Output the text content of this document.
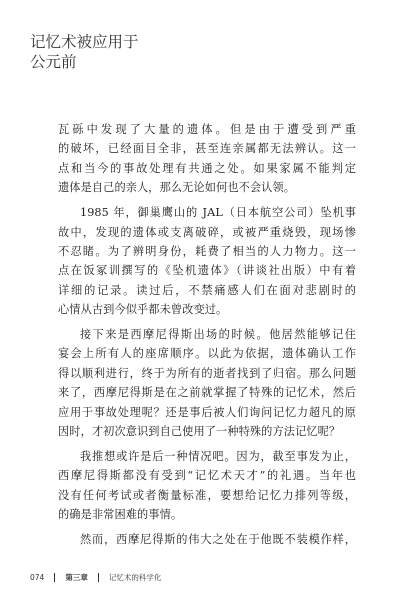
记忆术被应用于
公元前

瓦砾中发现了大量的遗体。但是由于遭受到严重
的破坏，已经面目全非，甚至连亲属都无法辨认。这一
点和当今的事故处理有共通之处。如果家属不能判定
遗体是自己的亲人，那么无论如何也不会认领。

1985 年，御巢鹰山的 JAL（日本航空公司）坠机事
故中，发现的遗体或支离破碎，或被严重烧毁，现场惨
不忍睹。为了辨明身份，耗费了相当的人力物力。这一
点在饭冢训撰写的《坠机遗体》（讲谈社出版）中有着
详细的记录。读过后，不禁痛感人们在面对悲剧时的
心情从古到今似乎都未曾改变过。

接下来是西摩尼得斯出场的时候。他居然能够记住
宴会上所有人的座席顺序。以此为依据，遗体确认工作
得以顺利进行，终于为所有的逝者找到了归宿。那么问题
来了，西摩尼得斯是在之前就掌握了特殊的记忆术，然后
应用于事故处理呢？还是事后被人们询问记忆力超凡的原
因时，才初次意识到自己使用了一种特殊的方法记忆呢？

我推想或许是后一种情况吧。因为，截至事发为止，
西摩尼得斯都没有受到“记忆术天才”的礼遇。当年也
没有任何考试或者衡量标准，要想给记忆力排列等级，
的确是非常困难的事情。

然而，西摩尼得斯的伟大之处在于他既不装模作样，

074	第三章	记忆术的科学化
